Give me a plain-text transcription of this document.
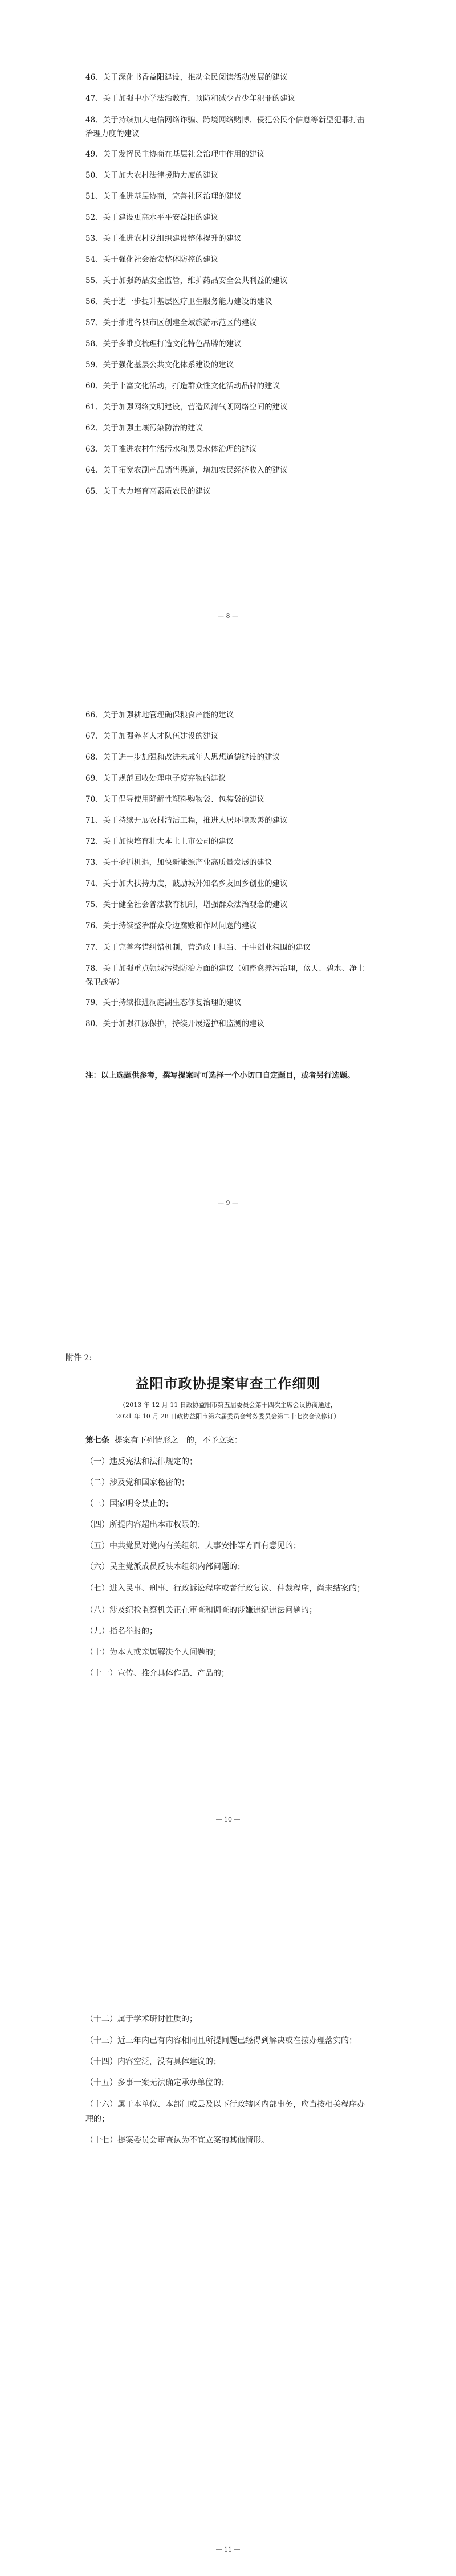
46、关于深化书香益阳建设，推动全民阅读活动发展的建议
47、关于加强中小学法治教育，预防和减少青少年犯罪的建议
48、关于持续加大电信网络诈骗、跨境网络赌博、侵犯公民个信息等新型犯罪打击治理力度的建议
49、关于发挥民主协商在基层社会治理中作用的建议
50、关于加大农村法律援助力度的建议
51、关于推进基层协商，完善社区治理的建议
52、关于建设更高水平平安益阳的建议
53、关于推进农村党组织建设整体提升的建议
54、关于强化社会治安整体防控的建议
55、关于加强药品安全监管，维护药品安全公共利益的建议
56、关于进一步提升基层医疗卫生服务能力建设的建议
57、关于推进各县市区创建全域旅游示范区的建议
58、关于多维度梳理打造文化特色品牌的建议
59、关于强化基层公共文化体系建设的建议
60、关于丰富文化活动，打造群众性文化活动品牌的建议
61、关于加强网络文明建设，营造风清气朗网络空间的建议
62、关于加强土壤污染防治的建议
63、关于推进农村生活污水和黑臭水体治理的建议
64、关于拓宽农副产品销售渠道，增加农民经济收入的建议
65、关于大力培育高素质农民的建议
— 8 —
66、关于加强耕地管理确保粮食产能的建议
67、关于加强养老人才队伍建设的建议
68、关于进一步加强和改进未成年人思想道德建设的建议
69、关于规范回收处理电子废弃物的建议
70、关于倡导使用降解性塑料购物袋、包装袋的建议
71、关于持续开展农村清洁工程，推进人居环境改善的建议
72、关于加快培育壮大本土上市公司的建议
73、关于抢抓机遇，加快新能源产业高质量发展的建议
74、关于加大扶持力度，鼓励城外知名乡友回乡创业的建议
75、关于健全社会普法教育机制，增强群众法治观念的建议
76、关于持续整治群众身边腐败和作风问题的建议
77、关于完善容错纠错机制，营造敢于担当、干事创业氛围的建议
78、关于加强重点领域污染防治方面的建议（如畜禽养污治理，蓝天、碧水、净土保卫战等）
79、关于持续推进洞庭湖生态修复治理的建议
80、关于加强江豚保护，持续开展巡护和监测的建议
注：以上选题供参考，撰写提案时可选择一个小切口自定题目，或者另行选题。
— 9 —
附件 2:
益阳市政协提案审查工作细则
（2013 年 12 月 11 日政协益阳市第五届委员会第十四次主席会议协商通过，
2021 年 10 月 28 日政协益阳市第六届委员会常务委员会第二十七次会议修订）
第七条 提案有下列情形之一的，不予立案：
（一）违反宪法和法律规定的；
（二）涉及党和国家秘密的；
（三）国家明令禁止的；
（四）所提内容超出本市权限的；
（五）中共党员对党内有关组织、人事安排等方面有意见的；
（六）民主党派成员反映本组织内部问题的；
（七）进入民事、刑事、行政诉讼程序或者行政复议、仲裁程序，尚未结案的；
（八）涉及纪检监察机关正在审查和调查的涉嫌违纪违法问题的；
（九）指名举报的；
（十）为本人或亲属解决个人问题的；
（十一）宣传、推介具体作品、产品的；
— 10 —
（十二）属于学术研讨性质的；
（十三）近三年内已有内容相同且所提问题已经得到解决或在按办理落实的；
（十四）内容空泛，没有具体建议的；
（十五）多事一案无法确定承办单位的；
（十六）属于本单位、本部门或县及以下行政辖区内部事务，应当按相关程序办理的；
（十七）提案委员会审查认为不宜立案的其他情形。
— 11 —
